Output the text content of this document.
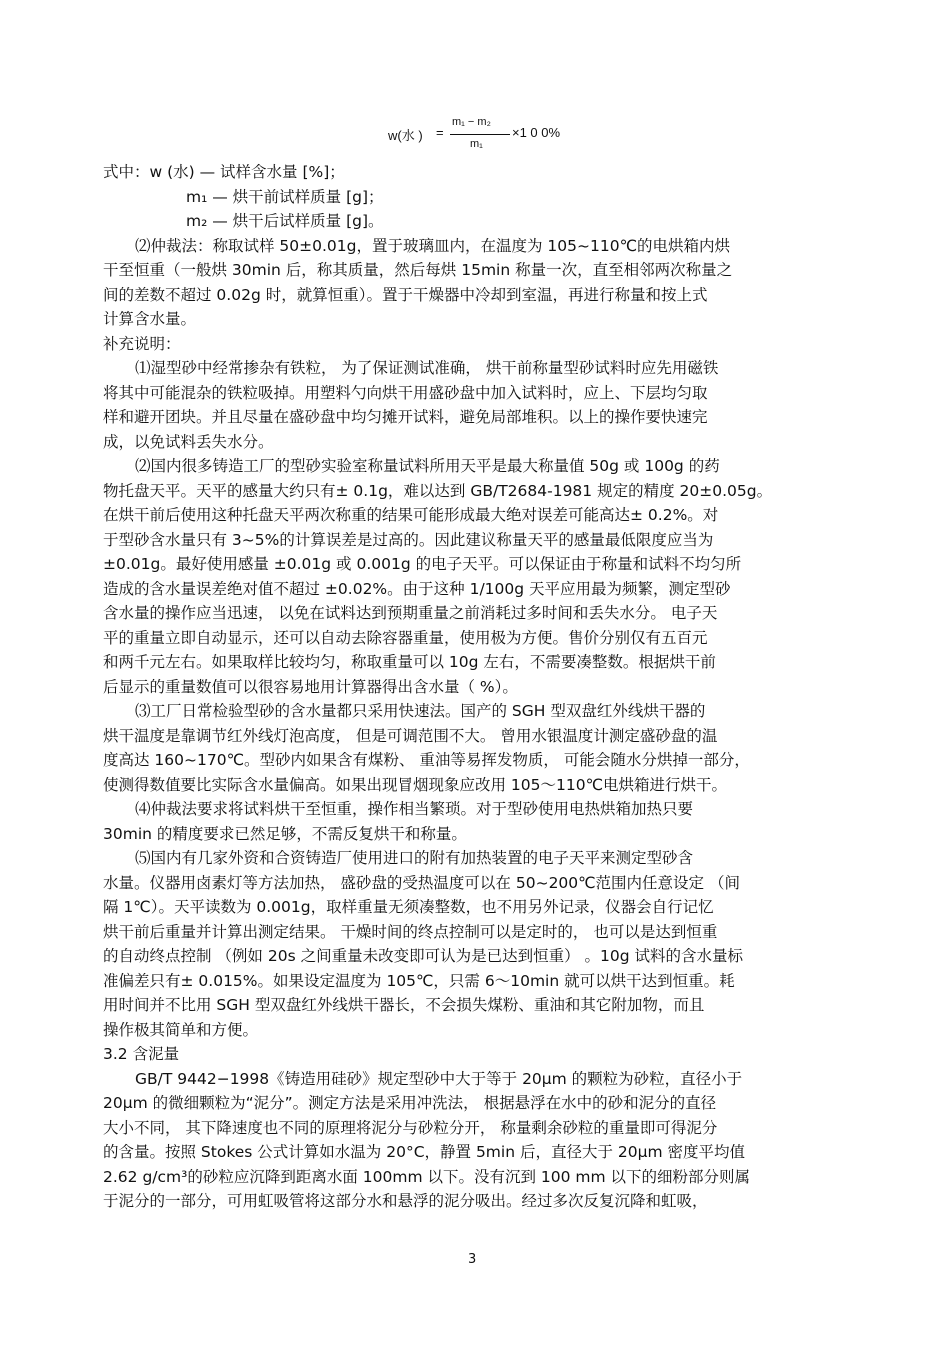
w(水 ) =
m₁ − m₂
m₁
×1 0 0%
式中：w (水) — 试样含水量 [%]；
m₁ — 烘干前试样质量 [g]；
m₂ — 烘干后试样质量 [g]。
⑵仲裁法：称取试样 50±0.01g，置于玻璃皿内，在温度为 105~110℃的电烘箱内烘
干至恒重（一般烘 30min 后，称其质量，然后每烘 15min 称量一次，直至相邻两次称量之
间的差数不超过 0.02g 时，就算恒重）。置于干燥器中冷却到室温，再进行称量和按上式
计算含水量。
补充说明：
⑴湿型砂中经常掺杂有铁粒， 为了保证测试准确， 烘干前称量型砂试料时应先用磁铁
将其中可能混杂的铁粒吸掉。用塑料勺向烘干用盛砂盘中加入试料时，应上、下层均匀取
样和避开团块。并且尽量在盛砂盘中均匀摊开试料，避免局部堆积。以上的操作要快速完
成，以免试料丢失水分。
⑵国内很多铸造工厂的型砂实验室称量试料所用天平是最大称量值 50g 或 100g 的药
物托盘天平。天平的感量大约只有± 0.1g，难以达到 GB/T2684-1981 规定的精度 20±0.05g。
在烘干前后使用这种托盘天平两次称重的结果可能形成最大绝对误差可能高达± 0.2%。对
于型砂含水量只有 3~5%的计算误差是过高的。因此建议称量天平的感量最低限度应当为
±0.01g。最好使用感量 ±0.01g 或 0.001g 的电子天平。可以保证由于称量和试料不均匀所
造成的含水量误差绝对值不超过 ±0.02%。由于这种 1/100g 天平应用最为频繁，测定型砂
含水量的操作应当迅速， 以免在试料达到预期重量之前消耗过多时间和丢失水分。 电子天
平的重量立即自动显示，还可以自动去除容器重量，使用极为方便。售价分别仅有五百元
和两千元左右。如果取样比较均匀，称取重量可以 10g 左右，不需要凑整数。根据烘干前
后显示的重量数值可以很容易地用计算器得出含水量（ %）。
⑶工厂日常检验型砂的含水量都只采用快速法。国产的 SGH 型双盘红外线烘干器的
烘干温度是靠调节红外线灯泡高度， 但是可调范围不大。 曾用水银温度计测定盛砂盘的温
度高达 160~170℃。型砂内如果含有煤粉、 重油等易挥发物质， 可能会随水分烘掉一部分，
使测得数值要比实际含水量偏高。如果出现冒烟现象应改用 105～110℃电烘箱进行烘干。
⑷仲裁法要求将试料烘干至恒重，操作相当繁琐。对于型砂使用电热烘箱加热只要
30min 的精度要求已然足够，不需反复烘干和称量。
⑸国内有几家外资和合资铸造厂使用进口的附有加热装置的电子天平来测定型砂含
水量。仪器用卤素灯等方法加热， 盛砂盘的受热温度可以在 50~200℃范围内任意设定 （间
隔 1℃）。天平读数为 0.001g，取样重量无须凑整数，也不用另外记录，仪器会自行记忆
烘干前后重量并计算出测定结果。 干燥时间的终点控制可以是定时的， 也可以是达到恒重
的自动终点控制 （例如 20s 之间重量未改变即可认为是已达到恒重） 。10g 试料的含水量标
准偏差只有± 0.015%。如果设定温度为 105℃，只需 6～10min 就可以烘干达到恒重。耗
用时间并不比用 SGH 型双盘红外线烘干器长，不会损失煤粉、重油和其它附加物，而且
操作极其简单和方便。
3.2 含泥量
GB/T 9442−1998《铸造用硅砂》规定型砂中大于等于 20μm 的颗粒为砂粒，直径小于
20μm 的微细颗粒为“泥分”。测定方法是采用冲洗法， 根据悬浮在水中的砂和泥分的直径
大小不同， 其下降速度也不同的原理将泥分与砂粒分开， 称量剩余砂粒的重量即可得泥分
的含量。按照 Stokes 公式计算如水温为 20°C，静置 5min 后，直径大于 20μm 密度平均值
2.62 g/cm³的砂粒应沉降到距离水面 100mm 以下。没有沉到 100 mm 以下的细粉部分则属
于泥分的一部分，可用虹吸管将这部分水和悬浮的泥分吸出。经过多次反复沉降和虹吸，
3
